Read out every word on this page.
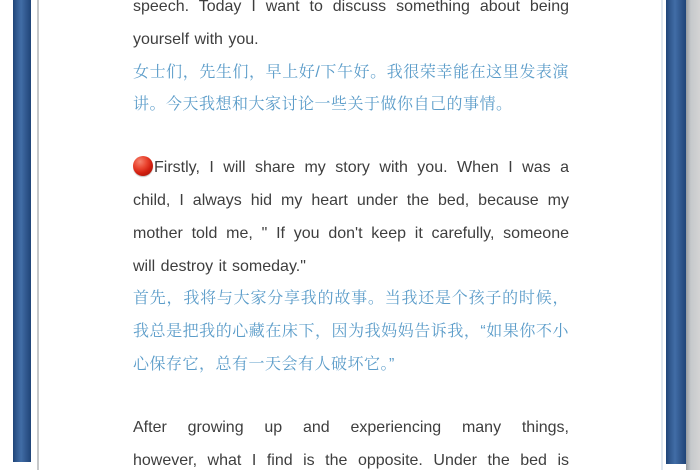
speech. Today I want to discuss something about being
yourself with you.
女士们，先生们，早上好/下午好。我很荣幸能在这里发表演
讲。今天我想和大家讨论一些关于做你自己的事情。
Firstly, I will share my story with you. When I was a
child, I always hid my heart under the bed, because my
mother told me, " If you don't keep it carefully, someone
will destroy it someday."
首先，我将与大家分享我的故事。当我还是个孩子的时候，
我总是把我的心藏在床下，因为我妈妈告诉我，“如果你不小
心保存它，总有一天会有人破坏它。”
After growing up and experiencing many things,
however, what I find is the opposite. Under the bed is
